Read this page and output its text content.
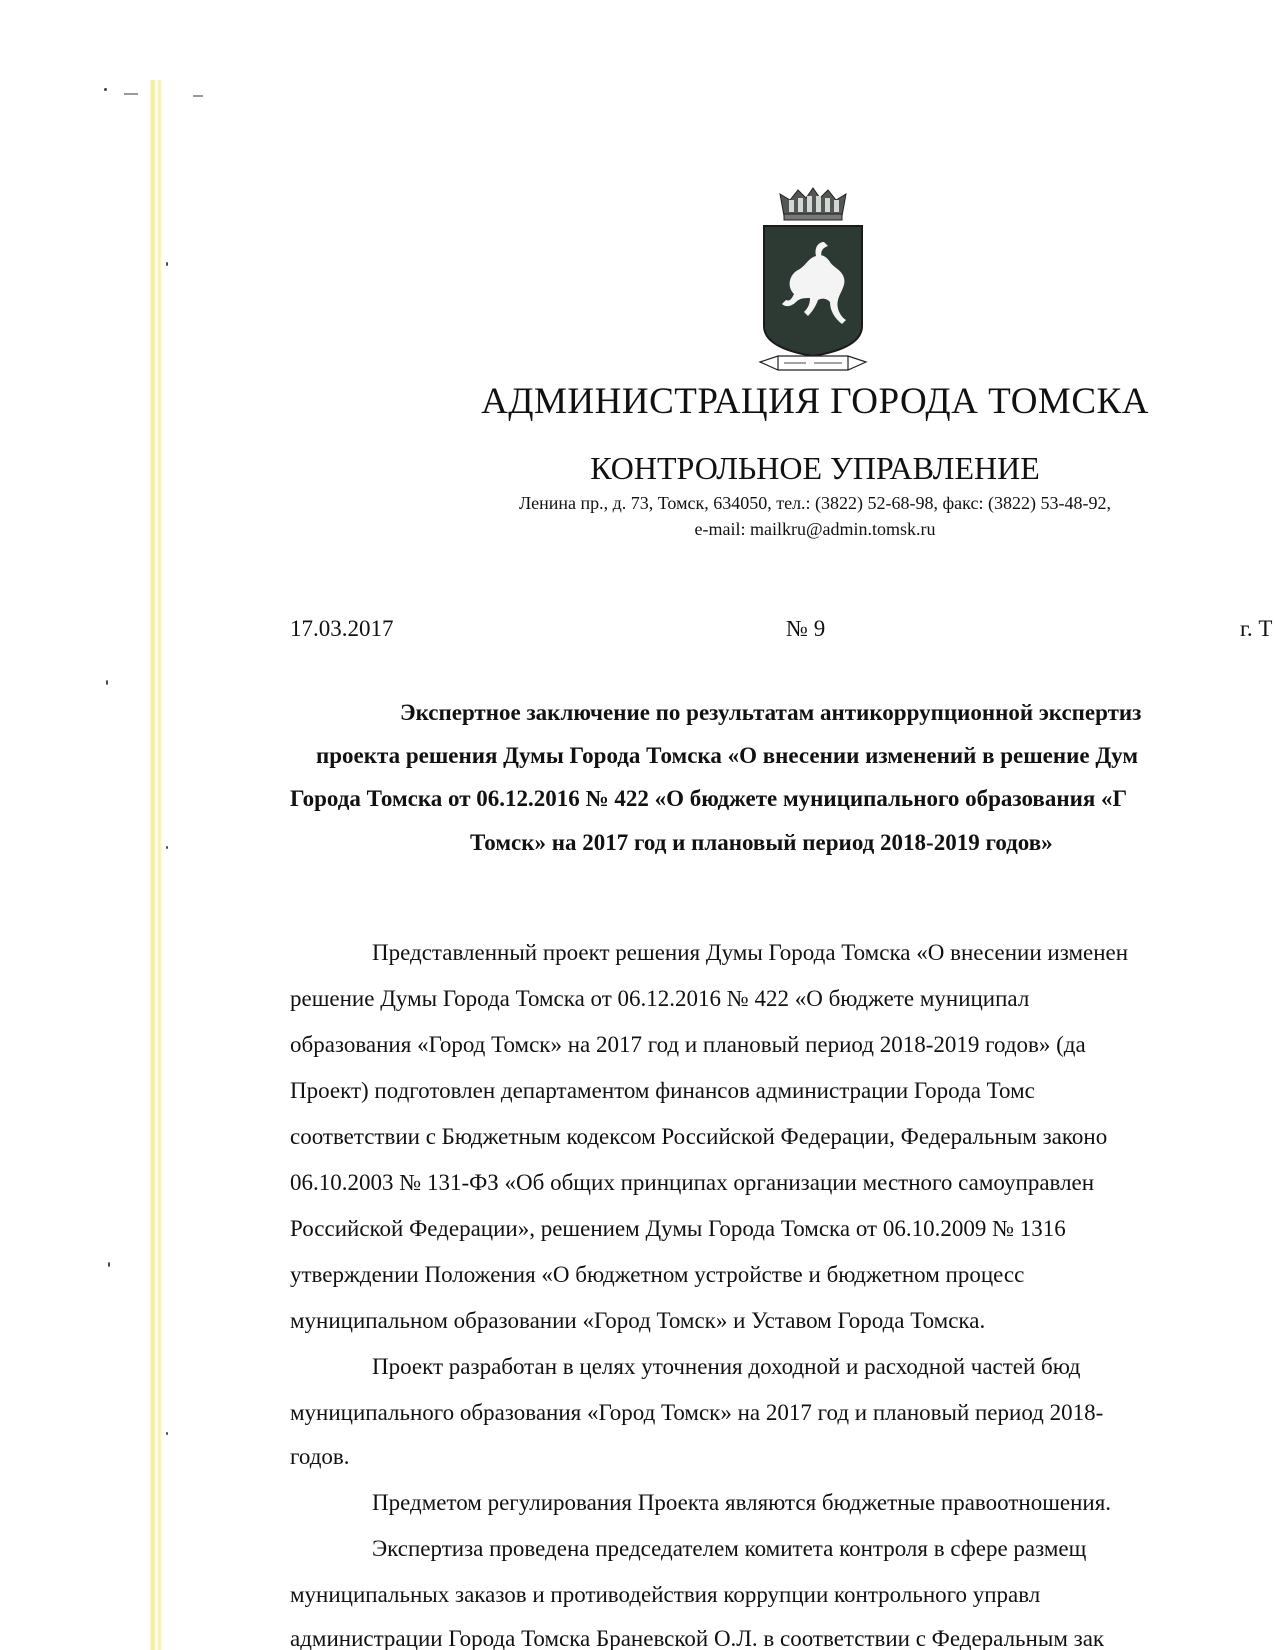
АДМИНИСТРАЦИЯ ГОРОДА ТОМСКА
КОНТРОЛЬНОЕ УПРАВЛЕНИЕ
Ленина пр., д. 73, Томск, 634050, тел.: (3822) 52-68-98, факс: (3822) 53-48-92,
e-mail: mailkru@admin.tomsk.ru
17.03.2017	№ 9	г. Т
Экспертное заключение по результатам антикоррупционной экспертиз
проекта решения Думы Города Томска «О внесении изменений в решение Дум
Города Томска от 06.12.2016 № 422 «О бюджете муниципального образования «Г
Томск» на 2017 год и плановый период 2018-2019 годов»
Представленный проект решения Думы Города Томска «О внесении изменен
решение Думы Города Томска от 06.12.2016 № 422 «О бюджете муниципал
образования «Город Томск» на 2017 год и плановый период 2018-2019 годов» (да
Проект) подготовлен департаментом финансов администрации Города Томс
соответствии с Бюджетным кодексом Российской Федерации, Федеральным законо
06.10.2003 № 131-ФЗ «Об общих принципах организации местного самоуправлен
Российской Федерации», решением Думы Города Томска от 06.10.2009 № 1316
утверждении Положения «О бюджетном устройстве и бюджетном процесс
муниципальном образовании «Город Томск» и Уставом Города Томска.
Проект разработан в целях уточнения доходной и расходной частей бюд
муниципального образования «Город Томск» на 2017 год и плановый период 2018-
годов.
Предметом регулирования Проекта являются бюджетные правоотношения.
Экспертиза проведена председателем комитета контроля в сфере размещ
муниципальных заказов и противодействия коррупции контрольного управл
администрации Города Томска Браневской О.Л. в соответствии с Федеральным зак
